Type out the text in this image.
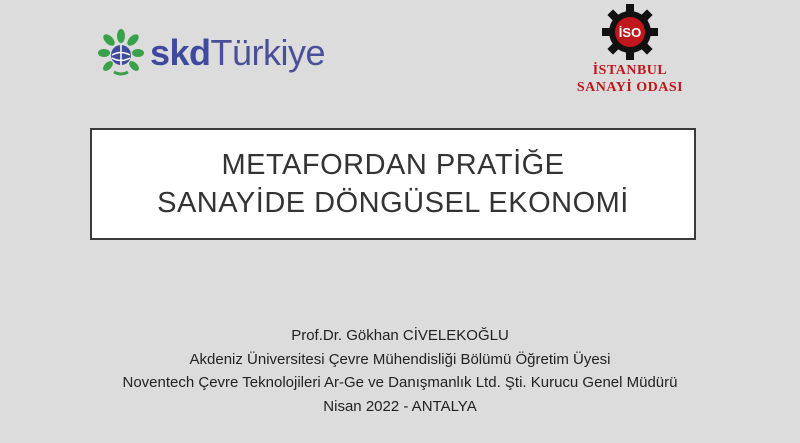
skdTürkiye	İSO
İSTANBUL
SANAYİ ODASI
METAFORDAN PRATİĞE
SANAYİDE DÖNGÜSEL EKONOMİ
Prof.Dr. Gökhan CİVELEKOĞLU
Akdeniz Üniversitesi Çevre Mühendisliği Bölümü Öğretim Üyesi
Noventech Çevre Teknolojileri Ar-Ge ve Danışmanlık Ltd. Şti. Kurucu Genel Müdürü
Nisan 2022 - ANTALYA
